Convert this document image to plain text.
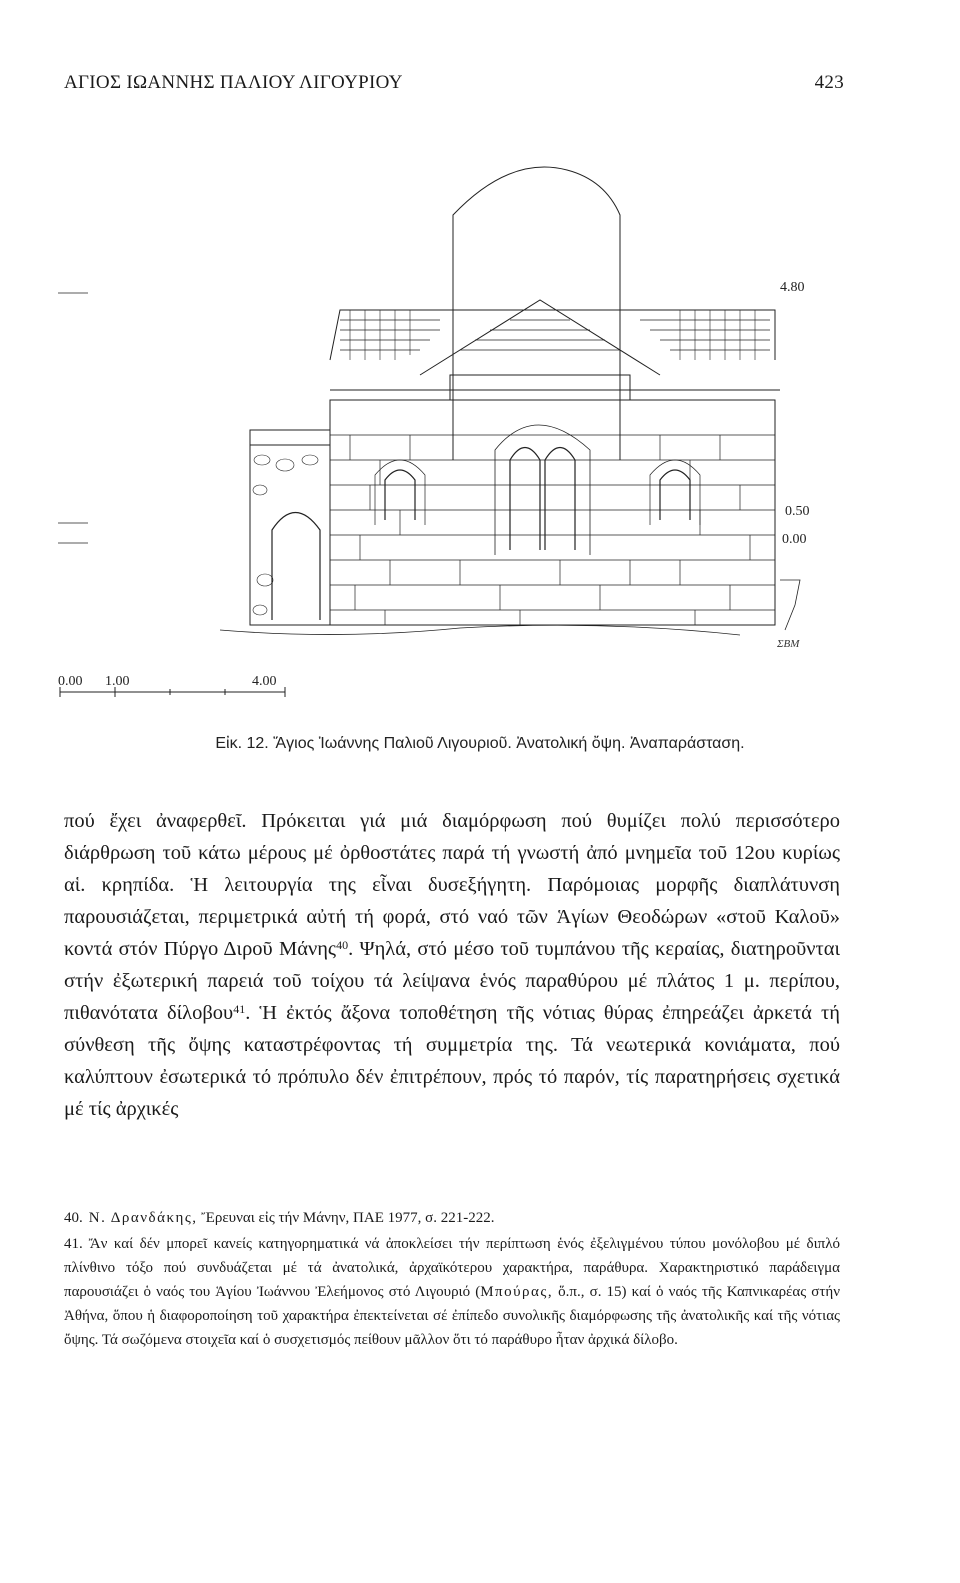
ΑΓΙΟΣ ΙΩΑΝΝΗΣ ΠΑΛΙΟΥ ΛΙΓΟΥΡΙΟΥ	423
4.80
0.50
0.00
0.00 1.00	4.00
ΣΒΜ
Εἰκ. 12. Ἅγιος Ἰωάννης Παλιοῦ Λιγουριοῦ. Ἀνατολική ὄψη. Ἀναπαράσταση.

πού ἔχει ἀναφερθεῖ. Πρόκειται γιά μιά διαμόρφωση πού θυμίζει πολύ περισσότερο διάρθρωση τοῦ κάτω μέρους μέ ὀρθοστάτες παρά τή γνωστή ἀπό μνημεῖα τοῦ 12ου κυρίως αἱ. κρηπίδα. Ἡ λειτουργία της εἶναι δυσεξήγητη. Παρόμοιας μορφῆς διαπλάτυνση παρουσιάζεται, περιμετρικά αὐτή τή φορά, στό ναό τῶν Ἁγίων Θεοδώρων «στοῦ Καλοῦ» κοντά στόν Πύργο Διροῦ Μάνης$^{40}$. Ψηλά, στό μέσο τοῦ τυμπάνου τῆς κεραίας, διατηροῦνται στήν ἐξωτερική παρειά τοῦ τοίχου τά λείψανα ἑνός παραθύρου μέ πλάτος 1 μ. περίπου, πιθανότατα δίλοβου$^{41}$. Ἡ ἐκτός ἄξονα τοποθέτηση τῆς νότιας θύρας ἐπηρεάζει ἀρκετά τή σύνθεση τῆς ὄψης καταστρέφοντας τή συμμετρία της. Τά νεωτερικά κονιάματα, πού καλύπτουν ἐσωτερικά τό πρόπυλο δέν ἐπιτρέπουν, πρός τό παρόν, τίς παρατηρήσεις σχετικά μέ τίς ἀρχικές

40. Ν. Δρανδάκης, Ἔρευναι εἰς τήν Μάνην, ΠΑΕ 1977, σ. 221-222.

41. Ἄν καί δέν μπορεῖ κανείς κατηγορηματικά νά ἀποκλείσει τήν περίπτωση ἑνός ἐξελιγμένου τύπου μονόλοβου μέ διπλό πλίνθινο τόξο πού συνδυάζεται μέ τά ἀνατολικά, ἀρχαϊκότερου χαρακτήρα, παράθυρα. Χαρακτηριστικό παράδειγμα παρουσιάζει ὁ ναός του Ἁγίου Ἰωάννου Ἐλεήμονος στό Λιγουριό (Μπούρας, ὅ.π., σ. 15) καί ὁ ναός τῆς Καπνικαρέας στήν Ἀθήνα, ὅπου ἡ διαφοροποίηση τοῦ χαρακτήρα ἐπεκτείνεται σέ ἐπίπεδο συνολικῆς διαμόρφωσης τῆς ἀνατολικῆς καί τῆς νότιας ὄψης. Τά σωζόμενα στοιχεῖα καί ὁ συσχετισμός πείθουν μᾶλλον ὅτι τό παράθυρο ἦταν ἀρχικά δίλοβο.
